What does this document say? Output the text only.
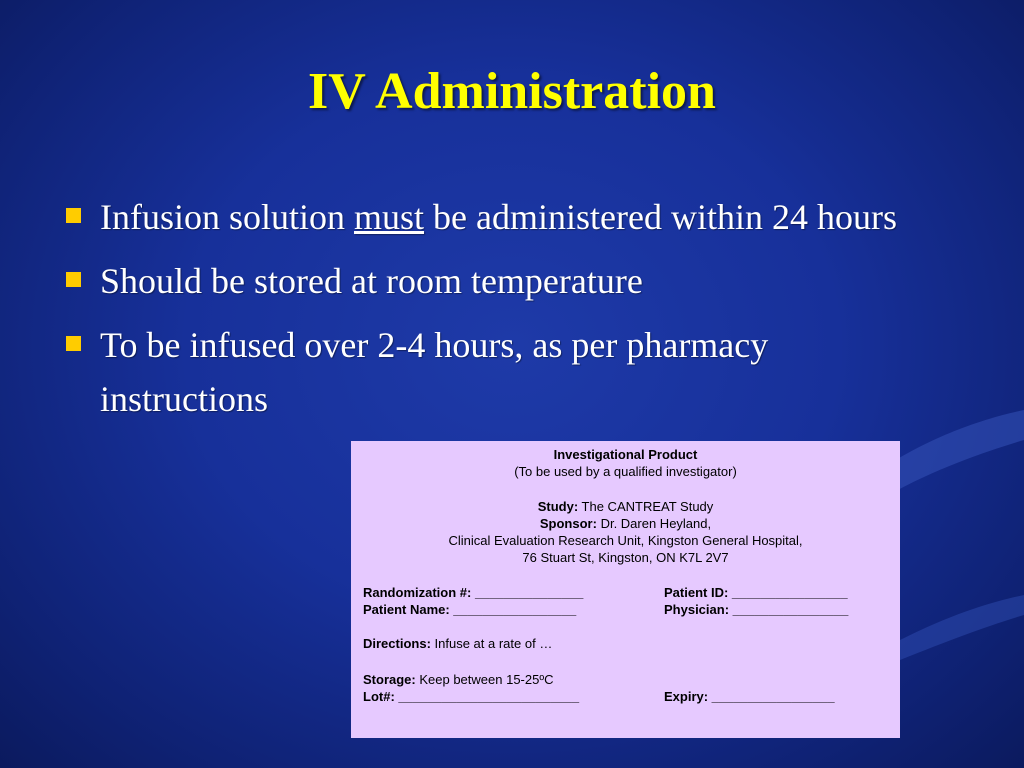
IV Administration
Infusion solution must be administered within 24 hours
Should be stored at room temperature
To be infused over 2-4 hours, as per pharmacy instructions
Investigational Product
(To be used by a qualified investigator)
Study: The CANTREAT Study
Sponsor: Dr. Daren Heyland,
Clinical Evaluation Research Unit, Kingston General Hospital,
76 Stuart St, Kingston, ON K7L 2V7
Randomization #: _______________	Patient ID: ________________
Patient Name: _________________	Physician: ________________
Directions: Infuse at a rate of …
Storage: Keep between 15-25ºC
Lot#: _________________________	Expiry: _________________
